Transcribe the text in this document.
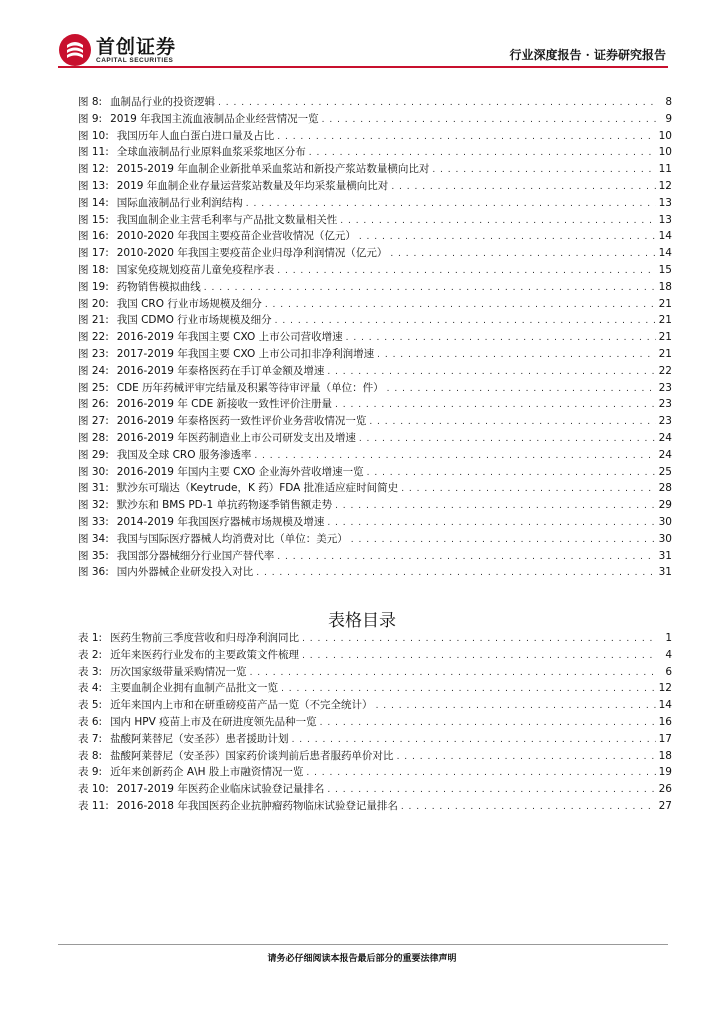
首创证券
CAPITAL SECURITIES	行业深度报告 · 证券研究报告
图 8: 血制品行业的投资逻辑 . . .	8
图 9: 2019 年我国主流血液制品企业经营情况一览 . . .	9
图 10: 我国历年人血白蛋白进口量及占比 . . .	10
图 11: 全球血液制品行业原料血浆采浆地区分布 . . .	10
图 12: 2015-2019 年血制企业新批单采血浆站和新投产浆站数量横向比对 . . .	11
图 13: 2019 年血制企业存量运营浆站数量及年均采浆量横向比对 . . .	12
图 14: 国际血液制品行业利润结构 . . .	13
图 15: 我国血制企业主营毛利率与产品批文数量相关性 . . .	13
图 16: 2010-2020 年我国主要疫苗企业营收情况（亿元） . . .	14
图 17: 2010-2020 年我国主要疫苗企业归母净利润情况（亿元） . . .	14
图 18: 国家免疫规划疫苗儿童免疫程序表 . . .	15
图 19: 药物销售模拟曲线 . . .	18
图 20: 我国 CRO 行业市场规模及细分 . . .	21
图 21: 我国 CDMO 行业市场规模及细分 . . .	21
图 22: 2016-2019 年我国主要 CXO 上市公司营收增速 . . .	21
图 23: 2017-2019 年我国主要 CXO 上市公司扣非净利润增速 . . .	21
图 24: 2016-2019 年泰格医药在手订单金额及增速 . . .	22
图 25: CDE 历年药械评审完结量及积累等待审评量（单位：件） . . .	23
图 26: 2016-2019 年 CDE 新接收一致性评价注册量 . . .	23
图 27: 2016-2019 年泰格医药一致性评价业务营收情况一览 . . .	23
图 28: 2016-2019 年医药制造业上市公司研发支出及增速 . . .	24
图 29: 我国及全球 CRO 服务渗透率 . . .	24
图 30: 2016-2019 年国内主要 CXO 企业海外营收增速一览 . . .	25
图 31: 默沙东可瑞达（Keytrude，K 药）FDA 批准适应症时间简史 . . .	28
图 32: 默沙东和 BMS PD-1 单抗药物逐季销售额走势 . . .	29
图 33: 2014-2019 年我国医疗器械市场规模及增速 . . .	30
图 34: 我国与国际医疗器械人均消费对比（单位：美元） . . .	30
图 35: 我国部分器械细分行业国产替代率 . . .	31
图 36: 国内外器械企业研发投入对比 . . .	31
表格目录
表 1: 医药生物前三季度营收和归母净利润同比 . . .	1
表 2: 近年来医药行业发布的主要政策文件梳理 . . .	4
表 3: 历次国家级带量采购情况一览 . . .	6
表 4: 主要血制企业拥有血制产品批文一览 . . .	12
表 5: 近年来国内上市和在研重磅疫苗产品一览（不完全统计） . . .	14
表 6: 国内 HPV 疫苗上市及在研进度领先品种一览 . . .	16
表 7: 盐酸阿莱替尼（安圣莎）患者援助计划 . . .	17
表 8: 盐酸阿莱替尼（安圣莎）国家药价谈判前后患者服药单价对比 . . .	18
表 9: 近年来创新药企 A\H 股上市融资情况一览 . . .	19
表 10: 2017-2019 年医药企业临床试验登记量排名 . . .	26
表 11: 2016-2018 年我国医药企业抗肿瘤药物临床试验登记量排名 . . .	27
请务必仔细阅读本报告最后部分的重要法律声明
